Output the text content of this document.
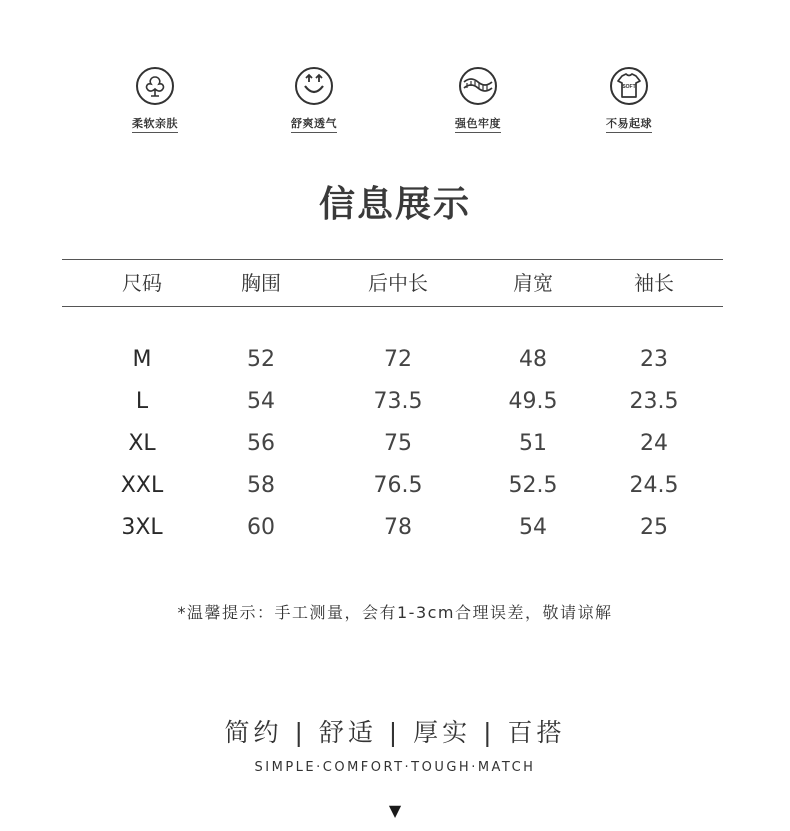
柔软亲肤	舒爽透气	强色牢度
SOFT
不易起球
信息展示
尺码	胸围	后中长	肩宽	袖长
M	52	72	48	23
L	54	73.5	49.5	23.5
XL	56	75	51	24
XXL	58	76.5	52.5	24.5
3XL	60	78	54	25
*温馨提示：手工测量，会有1-3cm合理误差，敬请谅解
简约 | 舒适 | 厚实 | 百搭
SIMPLE·COMFORT·TOUGH·MATCH
▼
